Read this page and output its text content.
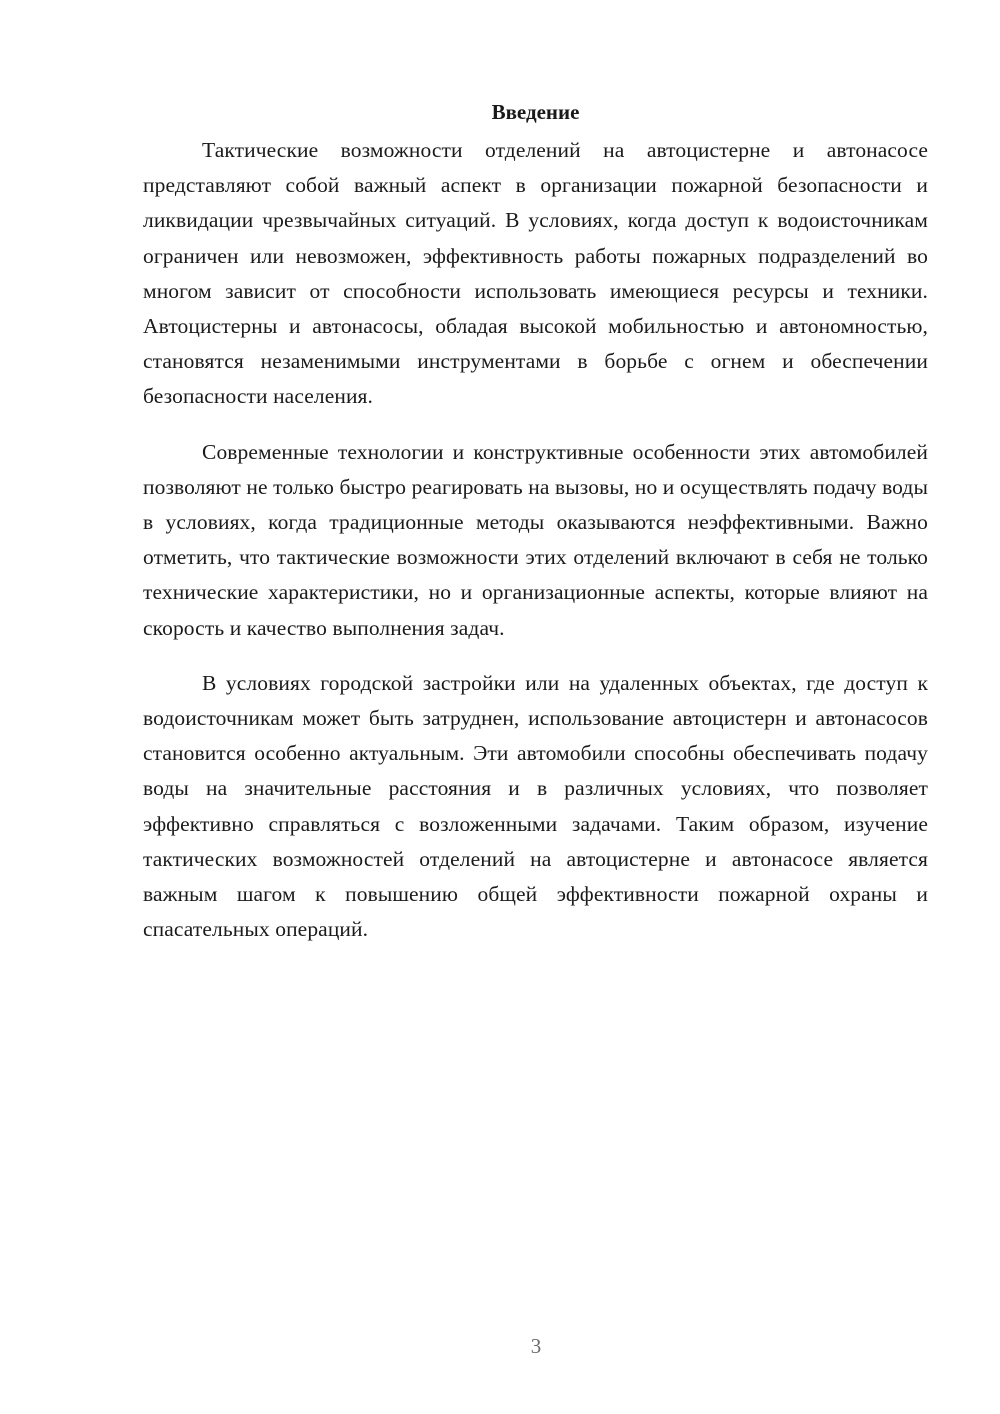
Введение

Тактические возможности отделений на автоцистерне и автонасосе представляют собой важный аспект в организации пожарной безопасности и ликвидации чрезвычайных ситуаций. В условиях, когда доступ к водоисточникам ограничен или невозможен, эффективность работы пожарных подразделений во многом зависит от способности использовать имеющиеся ресурсы и техники. Автоцистерны и автонасосы, обладая высокой мобильностью и автономностью, становятся незаменимыми инструментами в борьбе с огнем и обеспечении безопасности населения.

Современные технологии и конструктивные особенности этих автомобилей позволяют не только быстро реагировать на вызовы, но и осуществлять подачу воды в условиях, когда традиционные методы оказываются неэффективными. Важно отметить, что тактические возможности этих отделений включают в себя не только технические характеристики, но и организационные аспекты, которые влияют на скорость и качество выполнения задач.

В условиях городской застройки или на удаленных объектах, где доступ к водоисточникам может быть затруднен, использование автоцистерн и автонасосов становится особенно актуальным. Эти автомобили способны обеспечивать подачу воды на значительные расстояния и в различных условиях, что позволяет эффективно справляться с возложенными задачами. Таким образом, изучение тактических возможностей отделений на автоцистерне и автонасосе является важным шагом к повышению общей эффективности пожарной охраны и спасательных операций.

3
